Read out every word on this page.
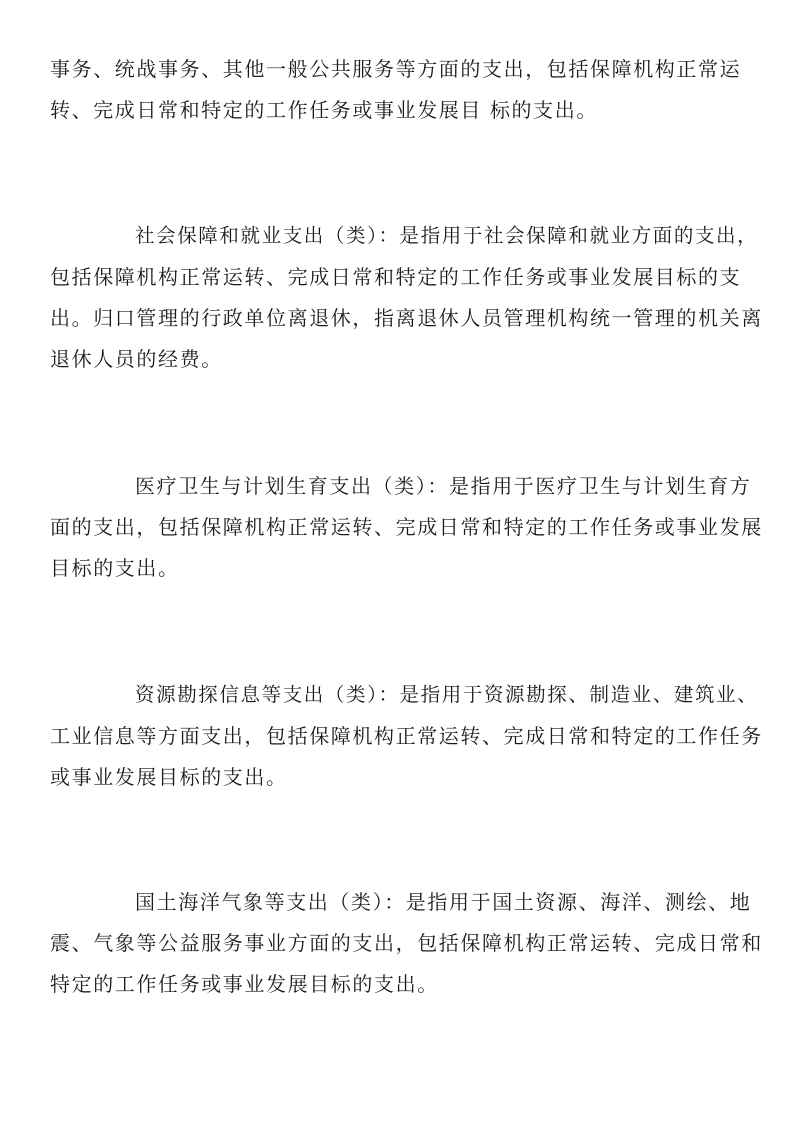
事务、统战事务、其他一般公共服务等方面的支出，包括保障机构正常运
转、完成日常和特定的工作任务或事业发展目 标的支出。
社会保障和就业支出（类）：是指用于社会保障和就业方面的支出，
包括保障机构正常运转、完成日常和特定的工作任务或事业发展目标的支
出。归口管理的行政单位离退休，指离退休人员管理机构统一管理的机关离
退休人员的经费。
医疗卫生与计划生育支出（类）：是指用于医疗卫生与计划生育方
面的支出，包括保障机构正常运转、完成日常和特定的工作任务或事业发展
目标的支出。
资源勘探信息等支出（类）：是指用于资源勘探、制造业、建筑业、
工业信息等方面支出，包括保障机构正常运转、完成日常和特定的工作任务
或事业发展目标的支出。
国土海洋气象等支出（类）：是指用于国土资源、海洋、测绘、地
震、气象等公益服务事业方面的支出，包括保障机构正常运转、完成日常和
特定的工作任务或事业发展目标的支出。
